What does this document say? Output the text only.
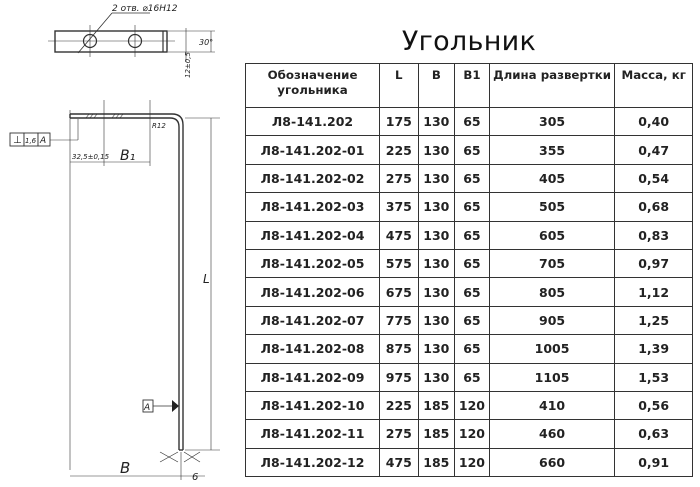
2 отв. ⌀16H12
30°
12±0,5
⊥ 1,6 A
32,5±0,15 B₁
R12
L
A
B
6
Угольник
Обозначение угольника	L	B	B1	Длина развертки	Масса, кг
Л8-141.202	175	130	65	305	0,40
Л8-141.202-01	225	130	65	355	0,47
Л8-141.202-02	275	130	65	405	0,54
Л8-141.202-03	375	130	65	505	0,68
Л8-141.202-04	475	130	65	605	0,83
Л8-141.202-05	575	130	65	705	0,97
Л8-141.202-06	675	130	65	805	1,12
Л8-141.202-07	775	130	65	905	1,25
Л8-141.202-08	875	130	65	1005	1,39
Л8-141.202-09	975	130	65	1105	1,53
Л8-141.202-10	225	185	120	410	0,56
Л8-141.202-11	275	185	120	460	0,63
Л8-141.202-12	475	185	120	660	0,91
